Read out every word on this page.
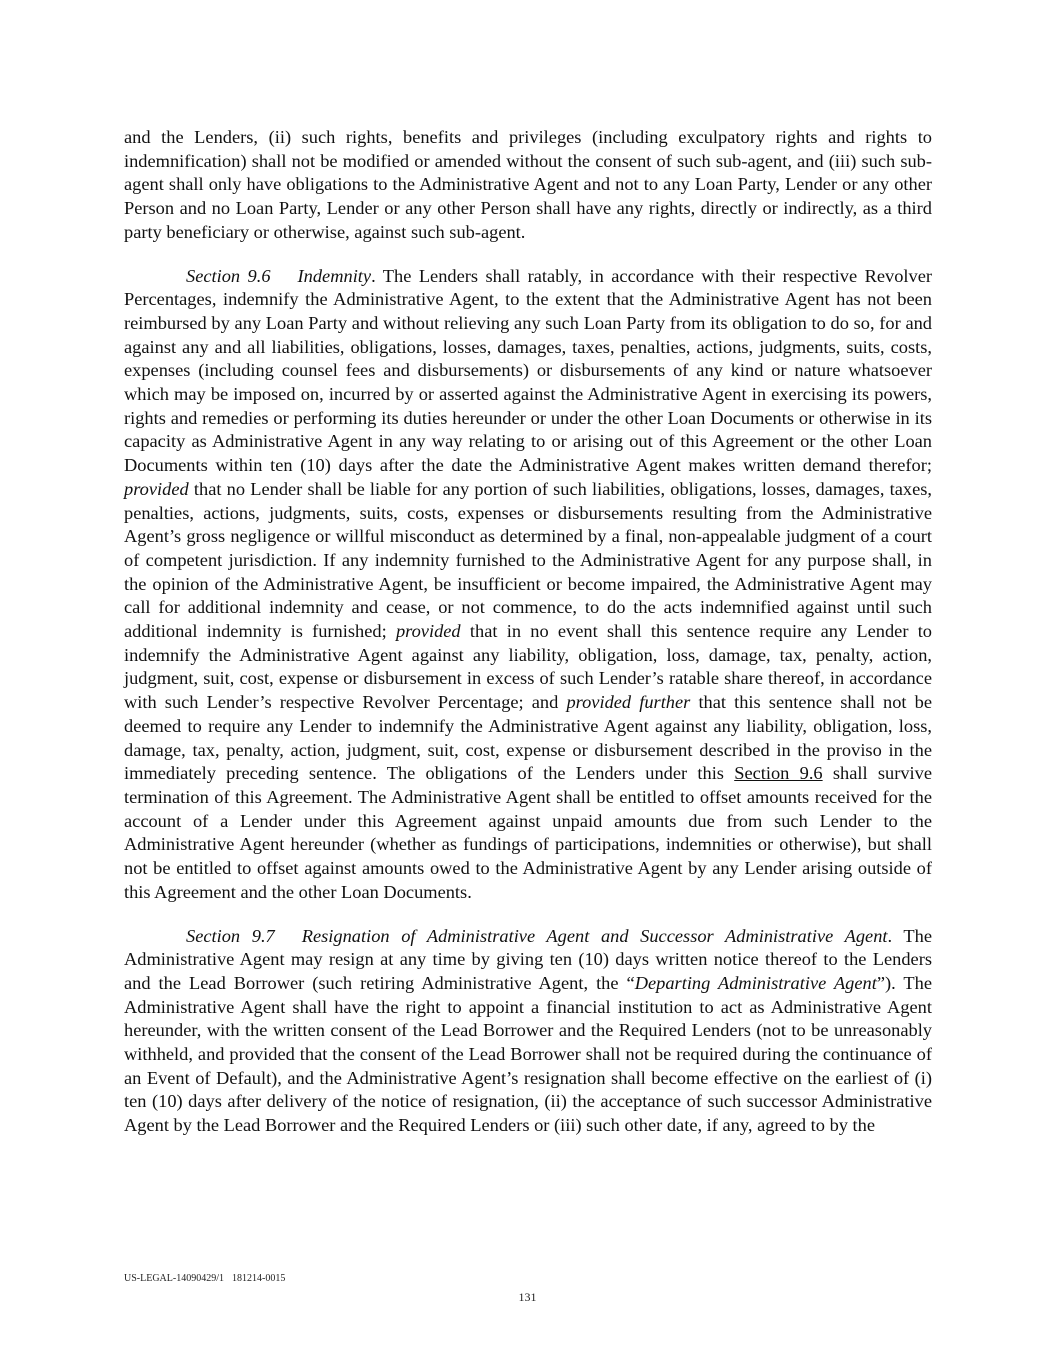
and the Lenders, (ii) such rights, benefits and privileges (including exculpatory rights and rights to indemnification) shall not be modified or amended without the consent of such sub-agent, and (iii) such sub-agent shall only have obligations to the Administrative Agent and not to any Loan Party, Lender or any other Person and no Loan Party, Lender or any other Person shall have any rights, directly or indirectly, as a third party beneficiary or otherwise, against such sub-agent.

Section 9.6 Indemnity. The Lenders shall ratably, in accordance with their respective Revolver Percentages, indemnify the Administrative Agent, to the extent that the Administrative Agent has not been reimbursed by any Loan Party and without relieving any such Loan Party from its obligation to do so, for and against any and all liabilities, obligations, losses, damages, taxes, penalties, actions, judgments, suits, costs, expenses (including counsel fees and disbursements) or disbursements of any kind or nature whatsoever which may be imposed on, incurred by or asserted against the Administrative Agent in exercising its powers, rights and remedies or performing its duties hereunder or under the other Loan Documents or otherwise in its capacity as Administrative Agent in any way relating to or arising out of this Agreement or the other Loan Documents within ten (10) days after the date the Administrative Agent makes written demand therefor; provided that no Lender shall be liable for any portion of such liabilities, obligations, losses, damages, taxes, penalties, actions, judgments, suits, costs, expenses or disbursements resulting from the Administrative Agent’s gross negligence or willful misconduct as determined by a final, non-appealable judgment of a court of competent jurisdiction. If any indemnity furnished to the Administrative Agent for any purpose shall, in the opinion of the Administrative Agent, be insufficient or become impaired, the Administrative Agent may call for additional indemnity and cease, or not commence, to do the acts indemnified against until such additional indemnity is furnished; provided that in no event shall this sentence require any Lender to indemnify the Administrative Agent against any liability, obligation, loss, damage, tax, penalty, action, judgment, suit, cost, expense or disbursement in excess of such Lender’s ratable share thereof, in accordance with such Lender’s respective Revolver Percentage; and provided further that this sentence shall not be deemed to require any Lender to indemnify the Administrative Agent against any liability, obligation, loss, damage, tax, penalty, action, judgment, suit, cost, expense or disbursement described in the proviso in the immediately preceding sentence. The obligations of the Lenders under this Section 9.6 shall survive termination of this Agreement. The Administrative Agent shall be entitled to offset amounts received for the account of a Lender under this Agreement against unpaid amounts due from such Lender to the Administrative Agent hereunder (whether as fundings of participations, indemnities or otherwise), but shall not be entitled to offset against amounts owed to the Administrative Agent by any Lender arising outside of this Agreement and the other Loan Documents.

Section 9.7 Resignation of Administrative Agent and Successor Administrative Agent. The Administrative Agent may resign at any time by giving ten (10) days written notice thereof to the Lenders and the Lead Borrower (such retiring Administrative Agent, the “Departing Administrative Agent”). The Administrative Agent shall have the right to appoint a financial institution to act as Administrative Agent hereunder, with the written consent of the Lead Borrower and the Required Lenders (not to be unreasonably withheld, and provided that the consent of the Lead Borrower shall not be required during the continuance of an Event of Default), and the Administrative Agent’s resignation shall become effective on the earliest of (i) ten (10) days after delivery of the notice of resignation, (ii) the acceptance of such successor Administrative Agent by the Lead Borrower and the Required Lenders or (iii) such other date, if any, agreed to by the

US-LEGAL-14090429/1 181214-0015
131
